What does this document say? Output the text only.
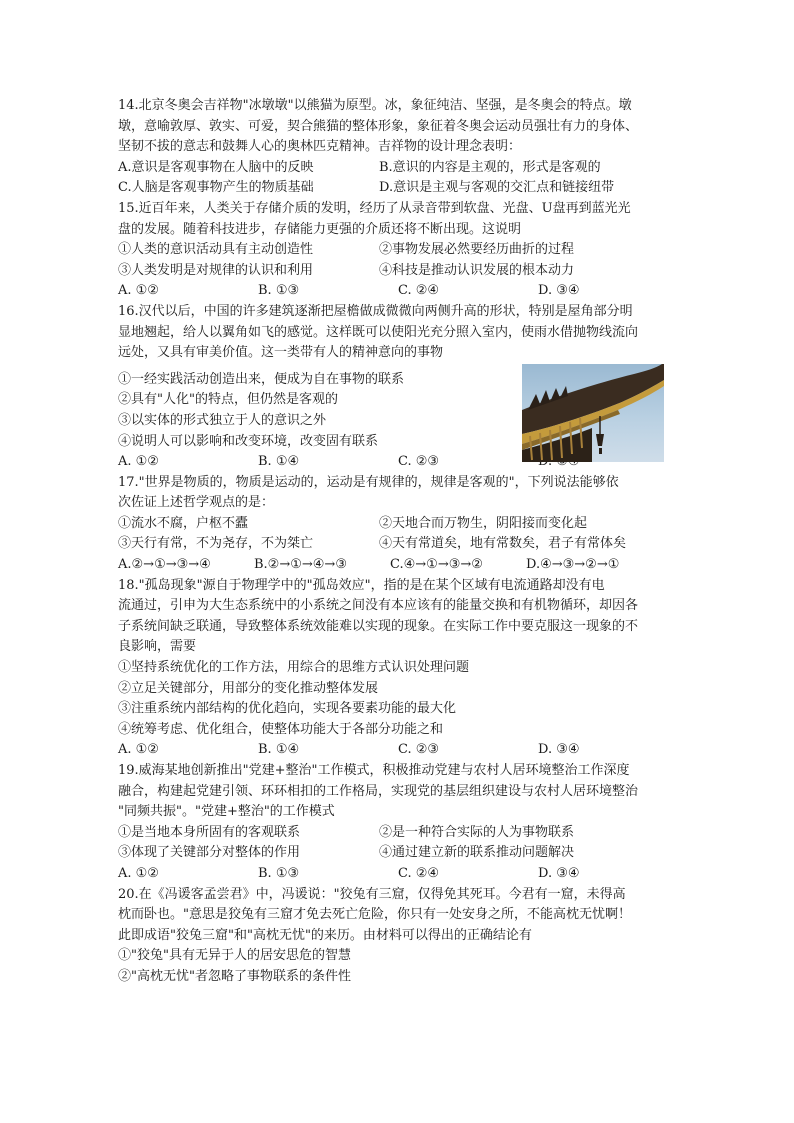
14.北京冬奥会吉祥物"冰墩墩"以熊猫为原型。冰，象征纯洁、坚强，是冬奥会的特点。墩
墩，意喻敦厚、敦实、可爱，契合熊猫的整体形象，象征着冬奥会运动员强壮有力的身体、
坚韧不拔的意志和鼓舞人心的奥林匹克精神。吉祥物的设计理念表明：
A.意识是客观事物在人脑中的反映	B.意识的内容是主观的，形式是客观的
C.人脑是客观事物产生的物质基础	D.意识是主观与客观的交汇点和链接纽带
15.近百年来，人类关于存储介质的发明，经历了从录音带到软盘、光盘、U盘再到蓝光光
盘的发展。随着科技进步，存储能力更强的介质还将不断出现。这说明
①人类的意识活动具有主动创造性	②事物发展必然要经历曲折的过程
③人类发明是对规律的认识和利用	④科技是推动认识发展的根本动力
A. ①②	B. ①③	C. ②④	D. ③④
16.汉代以后，中国的许多建筑逐渐把屋檐做成微微向两侧升高的形状，特别是屋角部分明
显地翘起，给人以翼角如飞的感觉。这样既可以使阳光充分照入室内，使雨水借抛物线流向
远处，又具有审美价值。这一类带有人的精神意向的事物
①一经实践活动创造出来，便成为自在事物的联系
②具有"人化"的特点，但仍然是客观的
③以实体的形式独立于人的意识之外
④说明人可以影响和改变环境，改变固有联系
A. ①②	B. ①④	C. ②③
17."世界是物质的，物质是运动的，运动是有规律的，规律是客观的"，下列说法能够依
次佐证上述哲学观点的是：
①流水不腐，户枢不蠹	②天地合而万物生，阴阳接而变化起
③天行有常，不为尧存，不为桀亡	④天有常道矣，地有常数矣，君子有常体矣
A.②→①→③→④	B.②→①→④→③	C.④→①→③→②	D.④→③→②→①
18."孤岛现象"源自于物理学中的"孤岛效应"，指的是在某个区域有电流通路却没有电
流通过，引申为大生态系统中的小系统之间没有本应该有的能量交换和有机物循环，却因各
子系统间缺乏联通，导致整体系统效能难以实现的现象。在实际工作中要克服这一现象的不
良影响，需要
①坚持系统优化的工作方法，用综合的思维方式认识处理问题
②立足关键部分，用部分的变化推动整体发展
③注重系统内部结构的优化趋向，实现各要素功能的最大化
④统筹考虑、优化组合，使整体功能大于各部分功能之和
A. ①②	B. ①④	C. ②③	D. ③④
19.威海某地创新推出"党建+整治"工作模式，积极推动党建与农村人居环境整治工作深度
融合，构建起党建引领、环环相扣的工作格局，实现党的基层组织建设与农村人居环境整治
"同频共振"。"党建+整治"的工作模式
①是当地本身所固有的客观联系	②是一种符合实际的人为事物联系
③体现了关键部分对整体的作用	④通过建立新的联系推动问题解决
A. ①②	B. ①③	C. ②④	D. ③④
20.在《冯谖客孟尝君》中，冯谖说："狡兔有三窟，仅得免其死耳。今君有一窟，未得高
枕而卧也。"意思是狡兔有三窟才免去死亡危险，你只有一处安身之所，不能高枕无忧啊！
此即成语"狡兔三窟"和"高枕无忧"的来历。由材料可以得出的正确结论有
①"狡兔"具有无异于人的居安思危的智慧
②"高枕无忧"者忽略了事物联系的条件性
